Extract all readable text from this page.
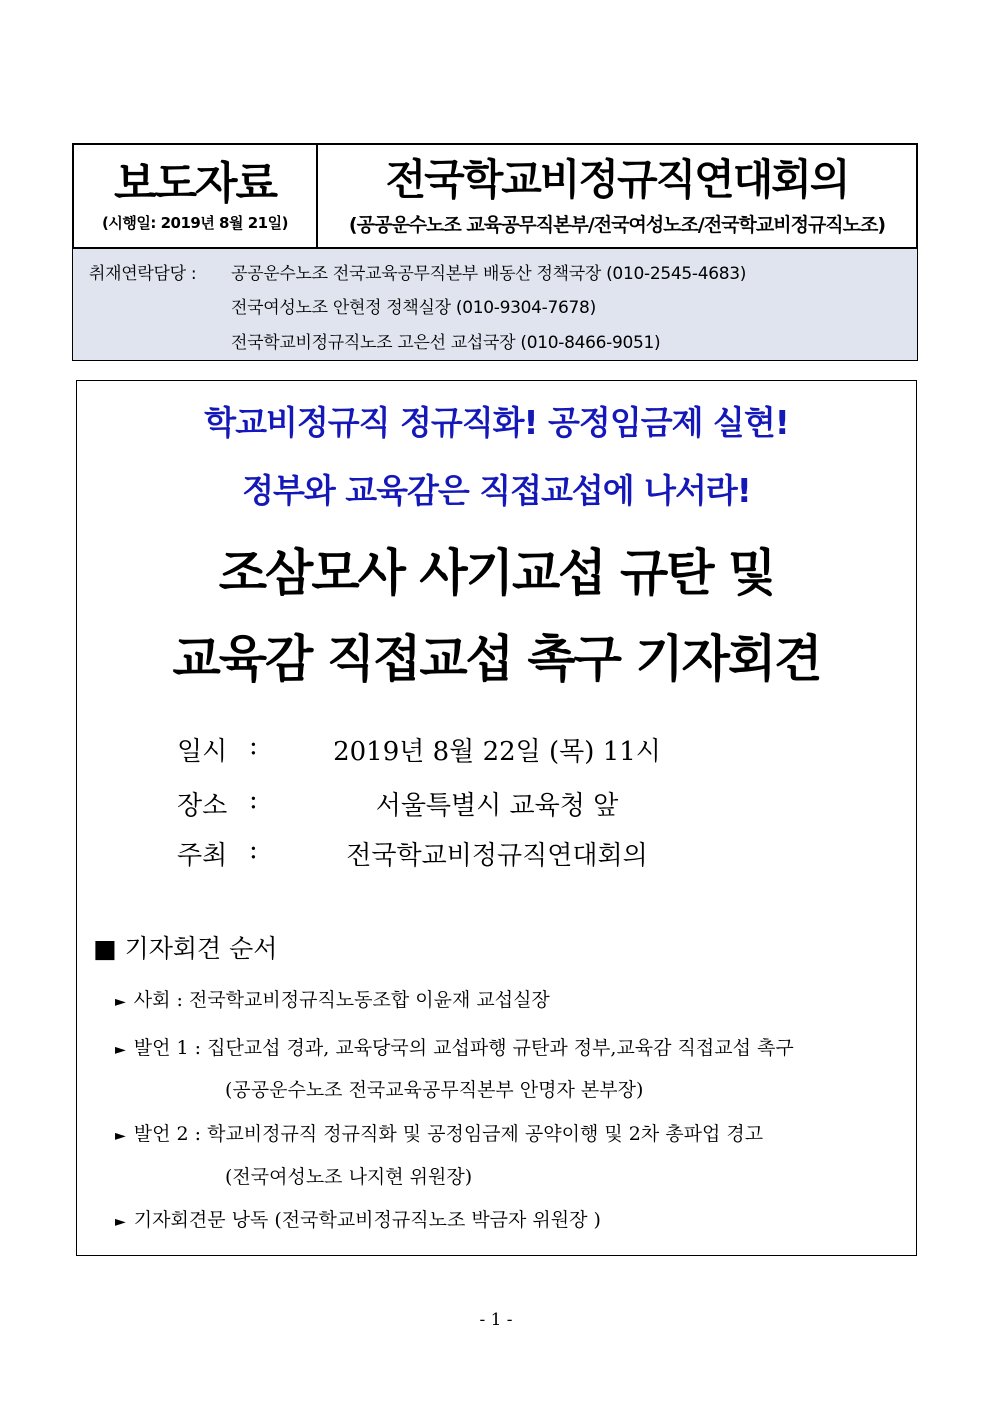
보도자료
(시행일: 2019년 8월 21일)
전국학교비정규직연대회의
(공공운수노조 교육공무직본부/전국여성노조/전국학교비정규직노조)
취재연락담당 : 공공운수노조 전국교육공무직본부 배동산 정책국장 (010-2545-4683)
전국여성노조 안현정 정책실장 (010-9304-7678)
전국학교비정규직노조 고은선 교섭국장 (010-8466-9051)
학교비정규직 정규직화! 공정임금제 실현!
정부와 교육감은 직접교섭에 나서라!
조삼모사 사기교섭 규탄 및
교육감 직접교섭 촉구 기자회견
일시 :	2019년 8월 22일 (목) 11시
장소 :	서울특별시 교육청 앞
주최 :	전국학교비정규직연대회의
■ 기자회견 순서
► 사회 : 전국학교비정규직노동조합 이윤재 교섭실장
► 발언 1 : 집단교섭 경과, 교육당국의 교섭파행 규탄과 정부,교육감 직접교섭 촉구
(공공운수노조 전국교육공무직본부 안명자 본부장)
► 발언 2 : 학교비정규직 정규직화 및 공정임금제 공약이행 및 2차 총파업 경고
(전국여성노조 나지현 위원장)
► 기자회견문 낭독 (전국학교비정규직노조 박금자 위원장 )
- 1 -
